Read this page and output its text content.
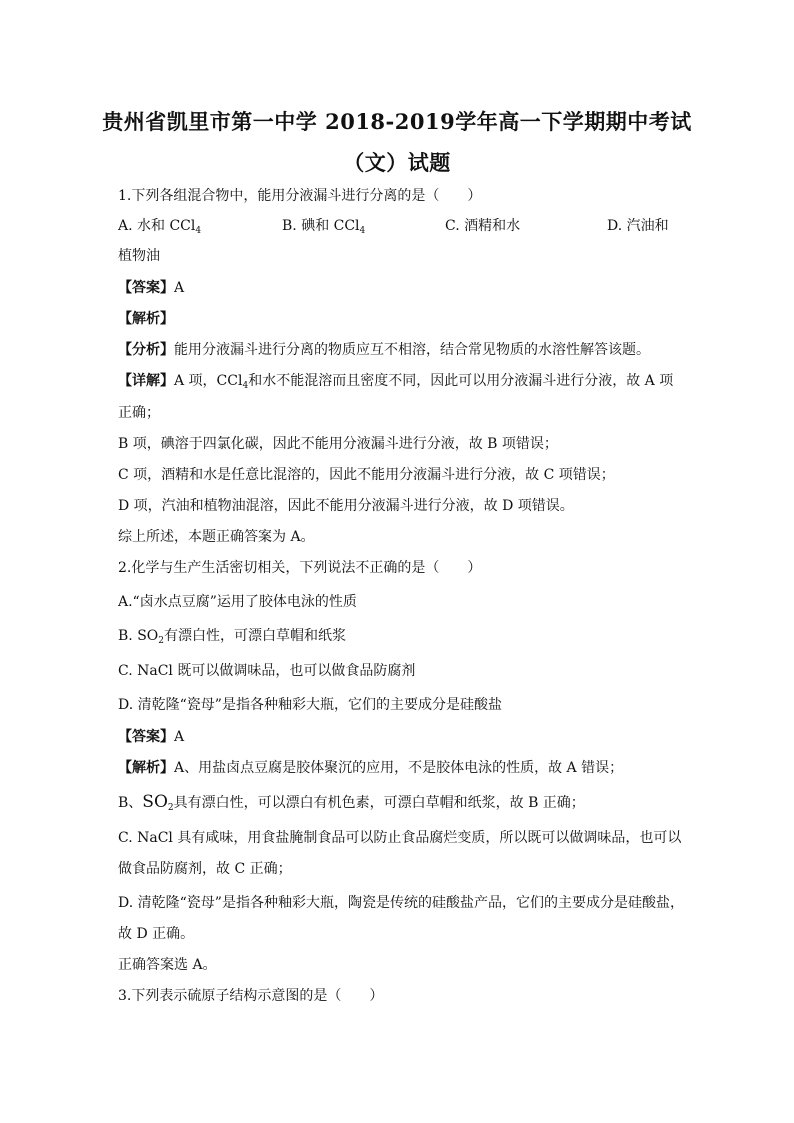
贵州省凯里市第一中学 2018-2019学年高一下学期期中考试
（文）试题
1.下列各组混合物中，能用分液漏斗进行分离的是（　　）
A. 水和 CCl$_4$	B. 碘和 CCl$_4$	C. 酒精和水	D. 汽油和
植物油
【答案】A
【解析】
【分析】能用分液漏斗进行分离的物质应互不相溶，结合常见物质的水溶性解答该题。
【详解】A 项，CCl$_4$和水不能混溶而且密度不同，因此可以用分液漏斗进行分液，故 A 项
正确；
B 项，碘溶于四氯化碳，因此不能用分液漏斗进行分液，故 B 项错误；
C 项，酒精和水是任意比混溶的，因此不能用分液漏斗进行分液，故 C 项错误；
D 项，汽油和植物油混溶，因此不能用分液漏斗进行分液，故 D 项错误。
综上所述，本题正确答案为 A。
2.化学与生产生活密切相关，下列说法不正确的是（　　）
A.“卤水点豆腐”运用了胶体电泳的性质
B. $SO_2$有漂白性，可漂白草帽和纸浆
C. NaCl 既可以做调味品，也可以做食品防腐剂
D. 清乾隆“瓷母”是指各种釉彩大瓶，它们的主要成分是硅酸盐
【答案】A
【解析】A、用盐卤点豆腐是胶体聚沉的应用，不是胶体电泳的性质，故 A 错误；
B、$SO_2$具有漂白性，可以漂白有机色素，可漂白草帽和纸浆，故 B 正确；
C. NaCl 具有咸味，用食盐腌制食品可以防止食品腐烂变质，所以既可以做调味品，也可以
做食品防腐剂，故 C 正确；
D. 清乾隆“瓷母”是指各种釉彩大瓶，陶瓷是传统的硅酸盐产品，它们的主要成分是硅酸盐，
故 D 正确。
正确答案选 A。
3.下列表示硫原子结构示意图的是（　　）
